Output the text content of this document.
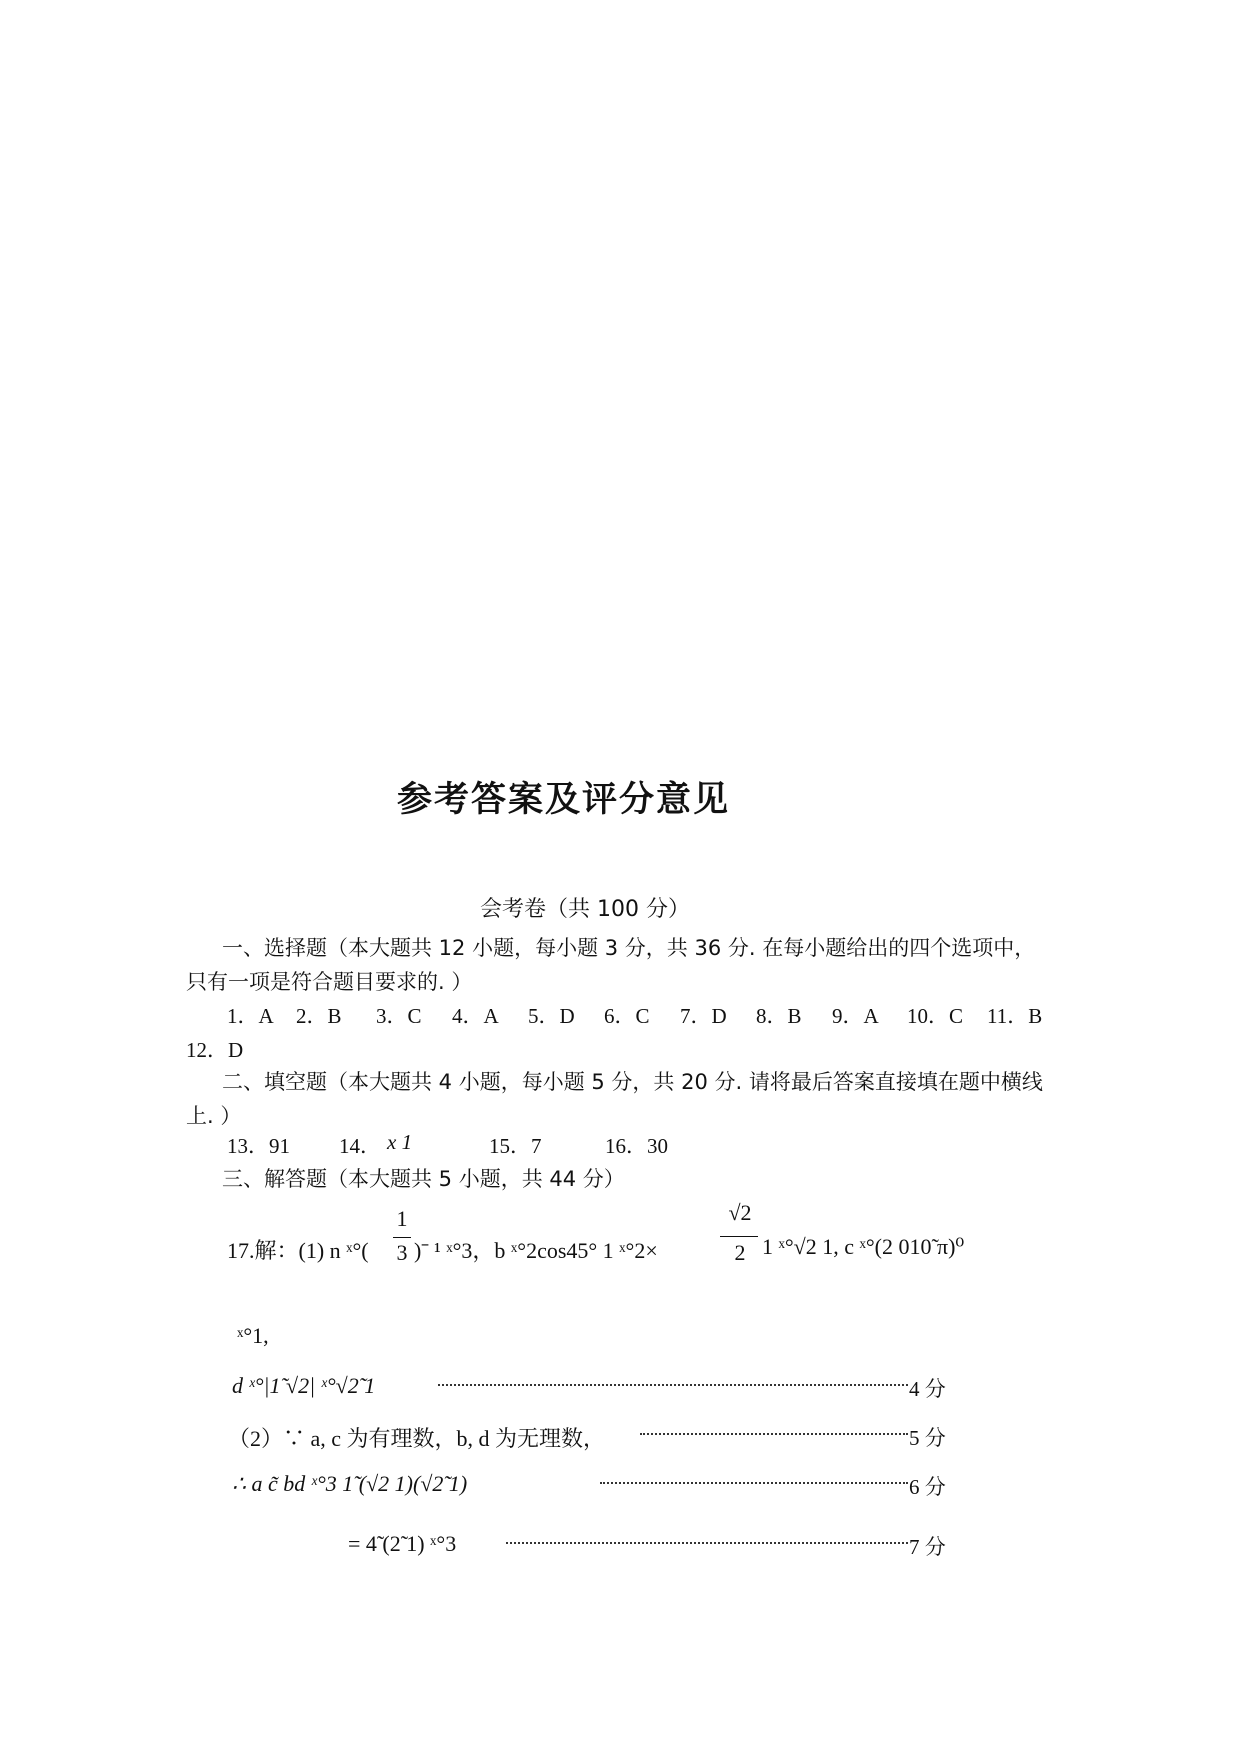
参考答案及评分意见
会考卷（共 100 分）
一、选择题（本大题共 12 小题，每小题 3 分，共 36 分. 在每小题给出的四个选项中，
只有一项是符合题目要求的. ）
1．A 2．B 3．C 4．A 5．D 6．C 7．D 8．B 9．A 10．C 11．B
12．D
二、填空题（本大题共 4 小题，每小题 5 分，共 20 分. 请将最后答案直接填在题中横线
上. ）
13．91 14． x 1	15．7	16．30
三、解答题（本大题共 5 小题，共 44 分）
17.解：(1) n ˣ°(
1
3 )ˉ ¹ ˣ°3，b ˣ°2cos45° 1 ˣ°2×
√2
2 1 ˣ°√2 1, c ˣ°(2 010̃ π)⁰
ˣ°1,
d ˣ°|1̃ √2| ˣ°√2̃ 1	4 分
（2）∵ a, c 为有理数，b, d 为无理数，	5 分
∴ a c̃ bd ˣ°3 1̃ (√2 1)(√2̃ 1)	6 分
= 4̃ (2̃ 1) ˣ°3	7 分
